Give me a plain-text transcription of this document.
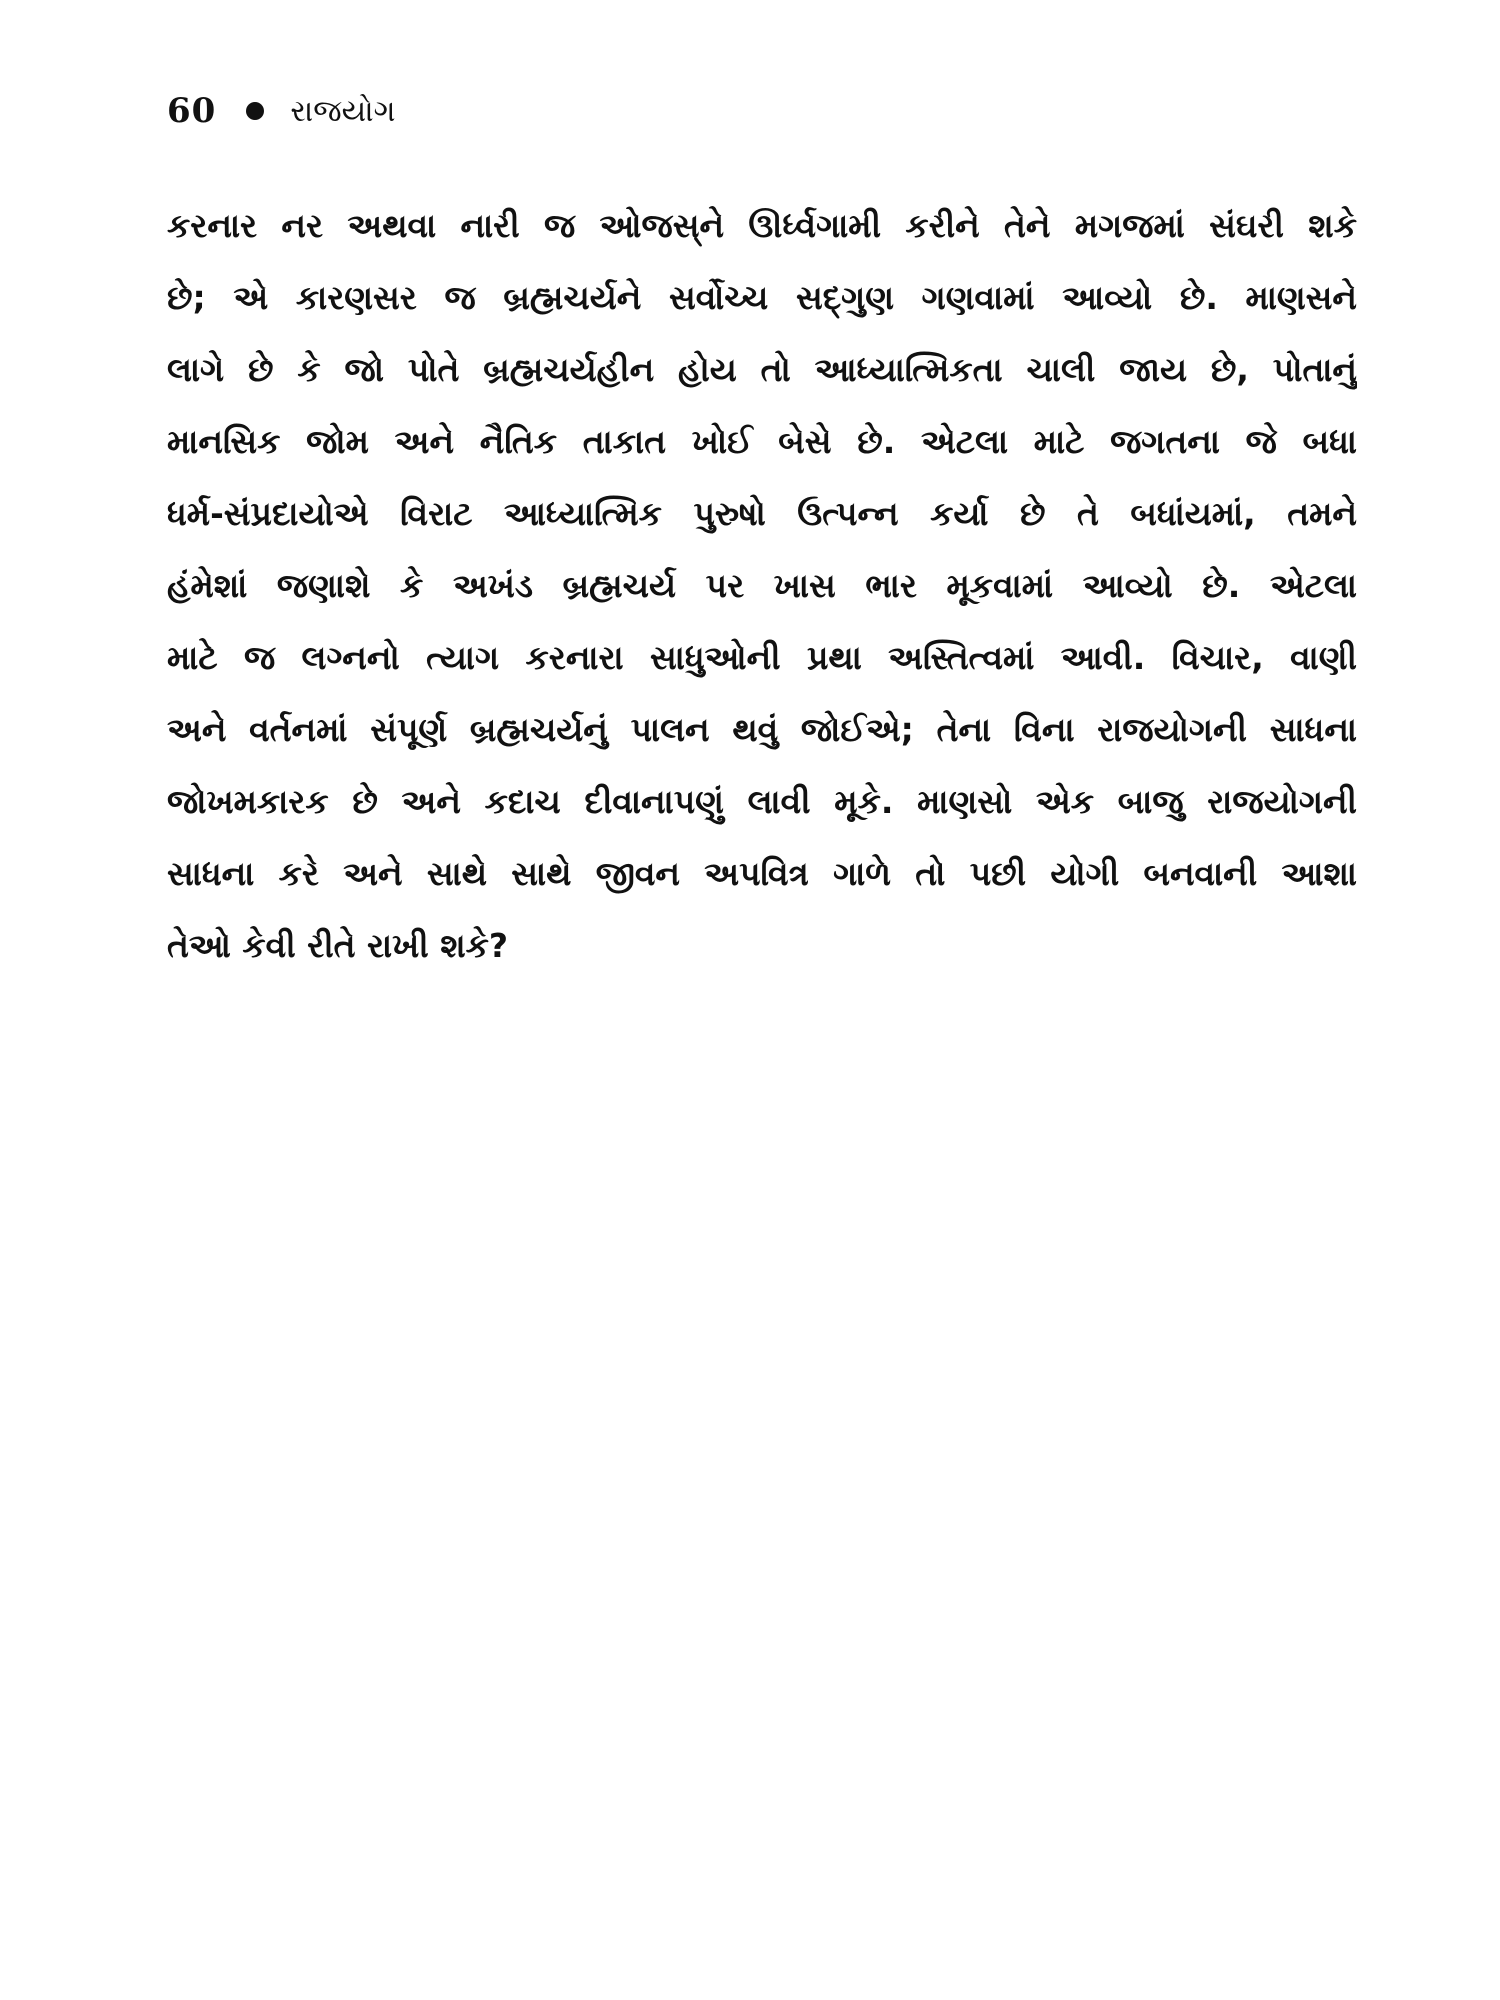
60 રાજયોગ
કરનાર નર અથવા નારી જ ઓજસ્‌ને ઊર્ધ્વગામી કરીને તેને મગજમાં સંઘરી શકે
છે; એ કારણસર જ બ્રહ્મચર્યને સર્વોચ્ચ સદ્ગુણ ગણવામાં આવ્યો છે. માણસને
લાગે છે કે જો પોતે બ્રહ્મચર્યહીન હોય તો આધ્યાત્મિકતા ચાલી જાય છે, પોતાનું
માનસિક જોમ અને નૈતિક તાકાત ખોઈ બેસે છે. એટલા માટે જગતના જે બધા
ધર્મ-સંપ્રદાયોએ વિરાટ આધ્યાત્મિક પુરુષો ઉત્પન્ન કર્યા છે તે બધાંયમાં, તમને
હંમેશાં જણાશે કે અખંડ બ્રહ્મચર્ય પર ખાસ ભાર મૂકવામાં આવ્યો છે. એટલા
માટે જ લગ્નનો ત્યાગ કરનારા સાધુઓની પ્રથા અસ્તિત્વમાં આવી. વિચાર, વાણી
અને વર્તનમાં સંપૂર્ણ બ્રહ્મચર્યનું પાલન થવું જોઈએ; તેના વિના રાજયોગની સાધના
જોખમકારક છે અને કદાચ દીવાનાપણું લાવી મૂકે. માણસો એક બાજુ રાજયોગની
સાધના કરે અને સાથે સાથે જીવન અપવિત્ર ગાળે તો પછી યોગી બનવાની આશા
તેઓ કેવી રીતે રાખી શકે?
